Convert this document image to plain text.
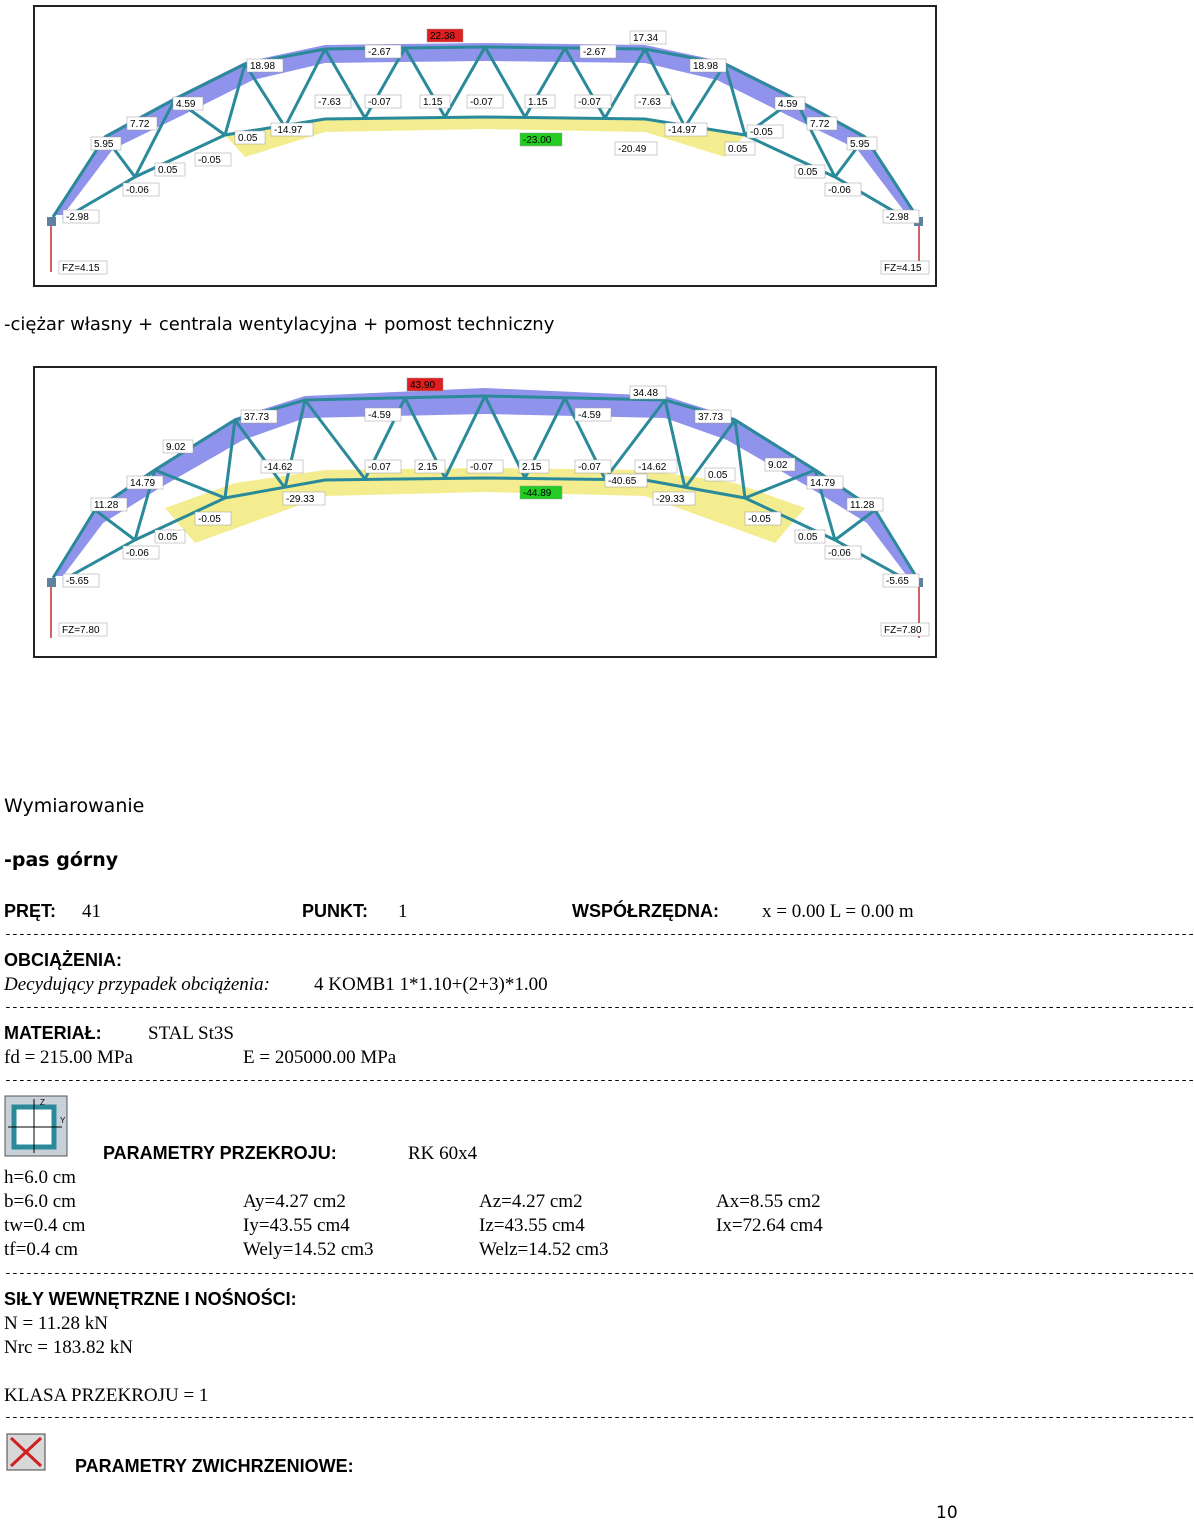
22.38	17.34
-2.67	-2.67
18.98	18.98
4.59	4.59
-7.63	-0.07	1.15	-0.07	1.15	-0.07	-7.63
7.72	7.72
-14.97	-14.97
0.05
-0.05
5.95	-23.00
-20.49	0.05	5.95
-0.05
0.05	0.05
-0.06	-0.06
-2.98	-2.98
FZ=4.15	FZ=4.15
-ciężar własny + centrala wentylacyjna + pomost techniczny
43.90
34.48
37.73	-4.59	-4.59	37.73
9.02
9.02
-14.62	-0.07	2.15	-0.07	2.15	-0.07	-14.62
14.79	14.79
-40.65
0.05
-29.33	-29.33
11.28
-44.89
11.28
-0.05	-0.05
0.05	0.05
-0.06	-0.06
-5.65	-5.65
FZ=7.80	FZ=7.80
Wymiarowanie
-pas górny
PRĘT: 41	PUNKT: 1	WSPÓŁRZĘDNA: x = 0.00 L = 0.00 m
--------------------------------------------------------------------------------------------------------------------------------------------------------------------------
OBCIĄŻENIA:
Decydujący przypadek obciążenia: 4 KOMB1 1*1.10+(2+3)*1.00
--------------------------------------------------------------------------------------------------------------------------------------------------------------------------
MATERIAŁ: STAL St3S
fd = 215.00 MPa	E = 205000.00 MPa
--------------------------------------------------------------------------------------------------------------------------------------------------------------------------
Z
Y
PARAMETRY PRZEKROJU:	RK 60x4
h=6.0 cm
b=6.0 cm	Ay=4.27 cm2	Az=4.27 cm2	Ax=8.55 cm2
tw=0.4 cm	Iy=43.55 cm4	Iz=43.55 cm4	Ix=72.64 cm4
tf=0.4 cm	Wely=14.52 cm3	Welz=14.52 cm3
--------------------------------------------------------------------------------------------------------------------------------------------------------------------------
SIŁY WEWNĘTRZNE I NOŚNOŚCI:
N = 11.28 kN
Nrc = 183.82 kN
KLASA PRZEKROJU = 1
--------------------------------------------------------------------------------------------------------------------------------------------------------------------------
PARAMETRY ZWICHRZENIOWE:
10
